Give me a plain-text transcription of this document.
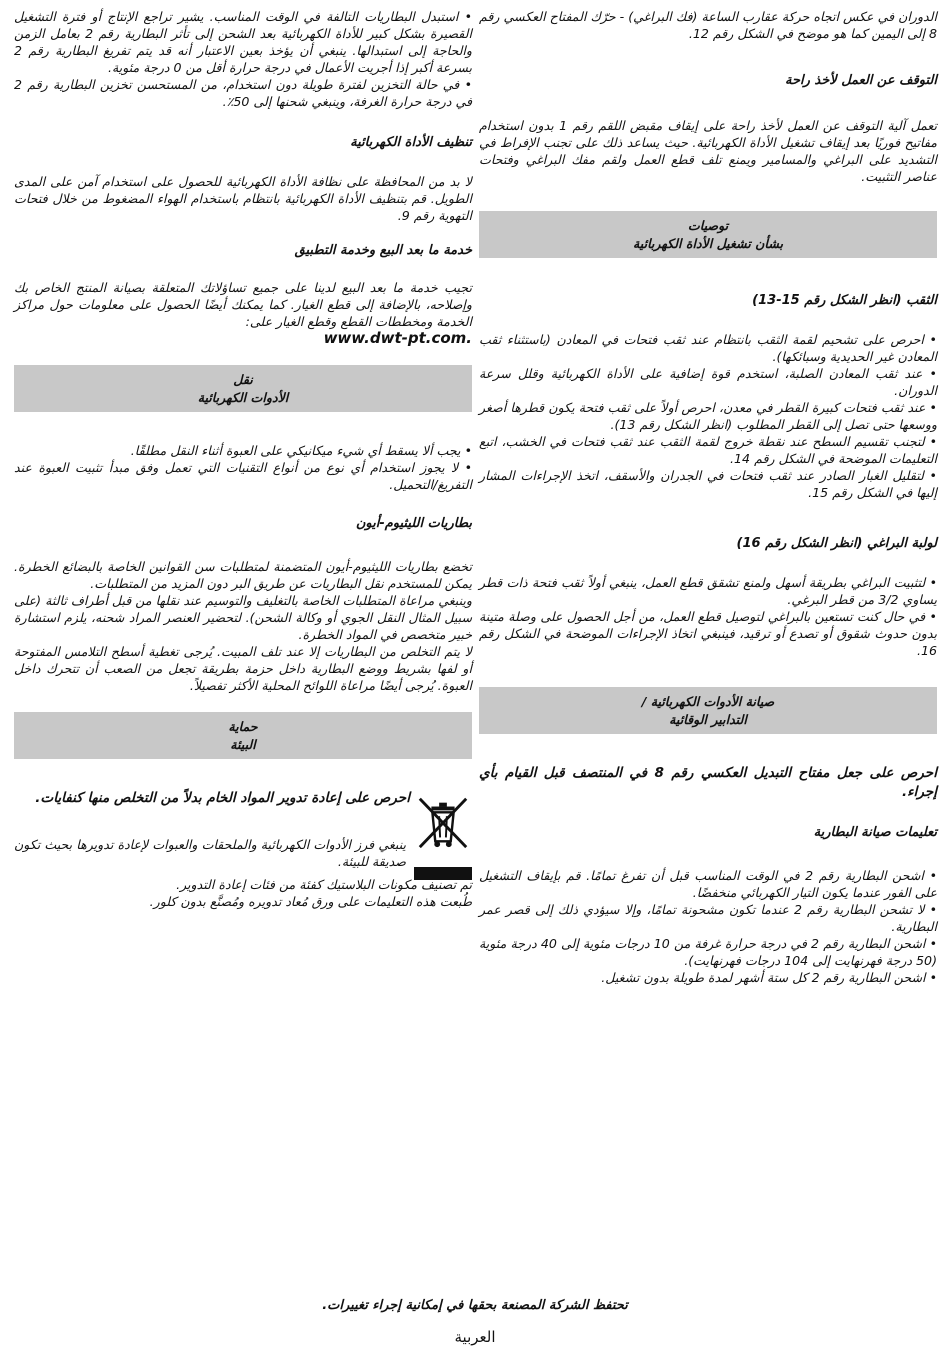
الدوران في عكس اتجاه حركة عقارب الساعة (فك البراغي) - حرّك المفتاح العكسي رقم 8 إلى اليمين كما هو موضح في الشكل رقم 12.

التوقف عن العمل لأخذ راحة

تعمل آلية التوقف عن العمل لأخذ راحة على إيقاف مقبض اللقم رقم 1 بدون استخدام مفاتيح فوريًا بعد إيقاف تشغيل الأداة الكهربائية. حيث يساعد ذلك على تجنب الإفراط في التشديد على البراغي والمسامير ويمنع تلف قطع العمل ولقم مفك البراغي وفتحات عناصر التثبيت.

توصيات
بشأن تشغيل الأداة الكهربائية

الثقب (انظر الشكل رقم 15-13)

• احرص على تشحيم لقمة الثقب بانتظام عند ثقب فتحات في المعادن (باستثناء ثقب المعادن غير الحديدية وسبائكها).

• عند ثقب المعادن الصلبة، استخدم قوة إضافية على الأداة الكهربائية وقلل سرعة الدوران.

• عند ثقب فتحات كبيرة القطر في معدن، احرص أولاً على ثقب فتحة يكون قطرها أصغر ووسعها حتى تصل إلى القطر المطلوب (انظر الشكل رقم 13).

• لتجنب تقسيم السطح عند نقطة خروج لقمة الثقب عند ثقب فتحات في الخشب، اتبع التعليمات الموضحة في الشكل رقم 14.

• لتقليل الغبار الصادر عند ثقب فتحات في الجدران والأسقف، اتخذ الإجراءات المشار إليها في الشكل رقم 15.

لولبة البراغي (انظر الشكل رقم 16)

• لتثبيت البراغي بطريقة أسهل ولمنع تشقق قطع العمل، ينبغي أولاً ثقب فتحة ذات قطر يساوي 3/2 من قطر البرغي.

• في حال كنت تستعين بالبراغي لتوصيل قطع العمل، من أجل الحصول على وصلة متينة بدون حدوث شقوق أو تصدع أو ترقيد، فينبغي اتخاذ الإجراءات الموضحة في الشكل رقم 16.

صيانة الأدوات الكهربائية /
التدابير الوقائية

احرص على جعل مفتاح التبديل العكسي رقم 8 في المنتصف قبل القيام بأي إجراء.

تعليمات صيانة البطارية

• اشحن البطارية رقم 2 في الوقت المناسب قبل أن تفرغ تمامًا. قم بإيقاف التشغيل على الفور عندما يكون التيار الكهربائي منخفضًا.

• لا تشحن البطارية رقم 2 عندما تكون مشحونة تمامًا، وإلا سيؤدي ذلك إلى قصر عمر البطارية.

• اشحن البطارية رقم 2 في درجة حرارة غرفة من 10 درجات مئوية إلى 40 درجة مئوية (50 درجة فهرنهايت إلى 104 درجات فهرنهايت).

• اشحن البطارية رقم 2 كل ستة أشهر لمدة طويلة بدون تشغيل.

• استبدل البطاريات التالفة في الوقت المناسب. يشير تراجع الإنتاج أو فترة التشغيل القصيرة بشكل كبير للأداة الكهربائية بعد الشحن إلى تأثر البطارية رقم 2 بعامل الزمن والحاجة إلى استبدالها. ينبغي أن يؤخذ بعين الاعتبار أنه قد يتم تفريغ البطارية رقم 2 بسرعة أكبر إذا أجريت الأعمال في درجة حرارة أقل من 0 درجة مئوية.

• في حالة التخزين لفترة طويلة دون استخدام، من المستحسن تخزين البطارية رقم 2 في درجة حرارة الغرفة، وينبغي شحنها إلى 50٪.

تنظيف الأداة الكهربائية

لا بد من المحافظة على نظافة الأداة الكهربائية للحصول على استخدام آمن على المدى الطويل. قم بتنظيف الأداة الكهربائية بانتظام باستخدام الهواء المضغوط من خلال فتحات التهوية رقم 9.

خدمة ما بعد البيع وخدمة التطبيق

تجيب خدمة ما بعد البيع لدينا على جميع تساؤلاتك المتعلقة بصيانة المنتج الخاص بك وإصلاحه، بالإضافة إلى قطع الغيار. كما يمكنك أيضًا الحصول على معلومات حول مراكز الخدمة ومخططات القطع وقطع الغيار على:

www.dwt-pt.com.

نقل
الأدوات الكهربائية

• يجب ألا يسقط أي شيء ميكانيكي على العبوة أثناء النقل مطلقًا.

• لا يجوز استخدام أي نوع من أنواع التقنيات التي تعمل وفق مبدأ تثبيت العبوة عند التفريغ/التحميل.

بطاريات الليثيوم-أيون

تخضع بطاريات الليثيوم-أيون المتضمنة لمتطلبات سن القوانين الخاصة بالبضائع الخطرة. يمكن للمستخدم نقل البطاريات عن طريق البر دون المزيد من المتطلبات.

وينبغي مراعاة المتطلبات الخاصة بالتغليف والتوسيم عند نقلها من قبل أطراف ثالثة (على سبيل المثال النقل الجوي أو وكالة الشحن). لتحضير العنصر المراد شحنه، يلزم استشارة خبير متخصص في المواد الخطرة.

لا يتم التخلص من البطاريات إلا عند تلف المبيت. يُرجى تغطية أسطح التلامس المفتوحة أو لفها بشريط ووضع البطارية داخل حزمة بطريقة تجعل من الصعب أن تتحرك داخل العبوة. يُرجى أيضًا مراعاة اللوائح المحلية الأكثر تفصيلاً.

حماية
البيئة

احرص على إعادة تدوير المواد الخام بدلاً من التخلص منها كنفايات.

ينبغي فرز الأدوات الكهربائية والملحقات والعبوات لإعادة تدويرها بحيث تكون صديقة للبيئة.

تم تصنيف مكونات البلاستيك كفئة من فئات إعادة التدوير.

طُبعت هذه التعليمات على ورق مُعاد تدويره ومُصنَّع بدون كلور.

تحتفظ الشركة المصنعة بحقها في إمكانية إجراء تغييرات.
العربية
